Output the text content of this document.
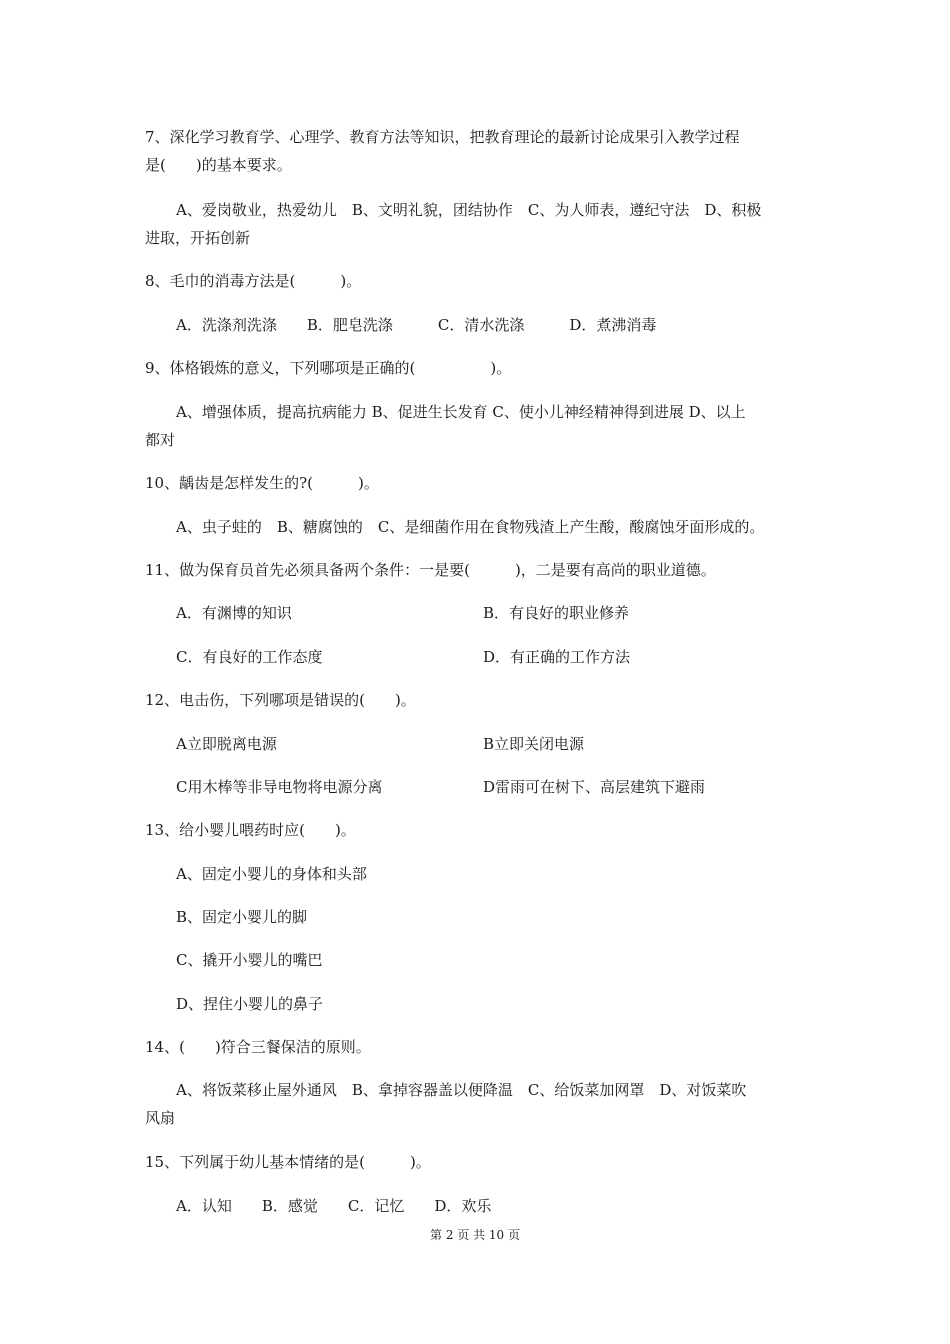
7、深化学习教育学、心理学、教育方法等知识，把教育理论的最新讨论成果引入教学过程
是(　　)的基本要求。
A、爱岗敬业，热爱幼儿　B、文明礼貌，团结协作　C、为人师表，遵纪守法　D、积极
进取，开拓创新
8、毛巾的消毒方法是(　　　)。
A．洗涤剂洗涤　　B．肥皂洗涤　　　C．清水洗涤　　　D．煮沸消毒
9、体格锻炼的意义，下列哪项是正确的(　　　　　)。
A、增强体质，提高抗病能力 B、促进生长发育 C、使小儿神经精神得到进展 D、以上
都对
10、龋齿是怎样发生的?(　　　)。
A、虫子蛀的　B、糖腐蚀的　C、是细菌作用在食物残渣上产生酸，酸腐蚀牙面形成的。
11、做为保育员首先必须具备两个条件：一是要(　　　)，二是要有高尚的职业道德。
A．有渊博的知识	B．有良好的职业修养
C．有良好的工作态度	D．有正确的工作方法
12、电击伤，下列哪项是错误的(　　)。
A立即脱离电源	B立即关闭电源
C用木棒等非导电物将电源分离	D雷雨可在树下、高层建筑下避雨
13、给小婴儿喂药时应(　　)。
A、固定小婴儿的身体和头部
B、固定小婴儿的脚
C、撬开小婴儿的嘴巴
D、捏住小婴儿的鼻子
14、(　　)符合三餐保洁的原则。
A、将饭菜移止屋外通风　B、拿掉容器盖以便降温　C、给饭菜加网罩　D、对饭菜吹
风扇
15、下列属于幼儿基本情绪的是(　　　)。
A．认知　　B．感觉　　C．记忆　　D．欢乐
第 2 页 共 10 页
